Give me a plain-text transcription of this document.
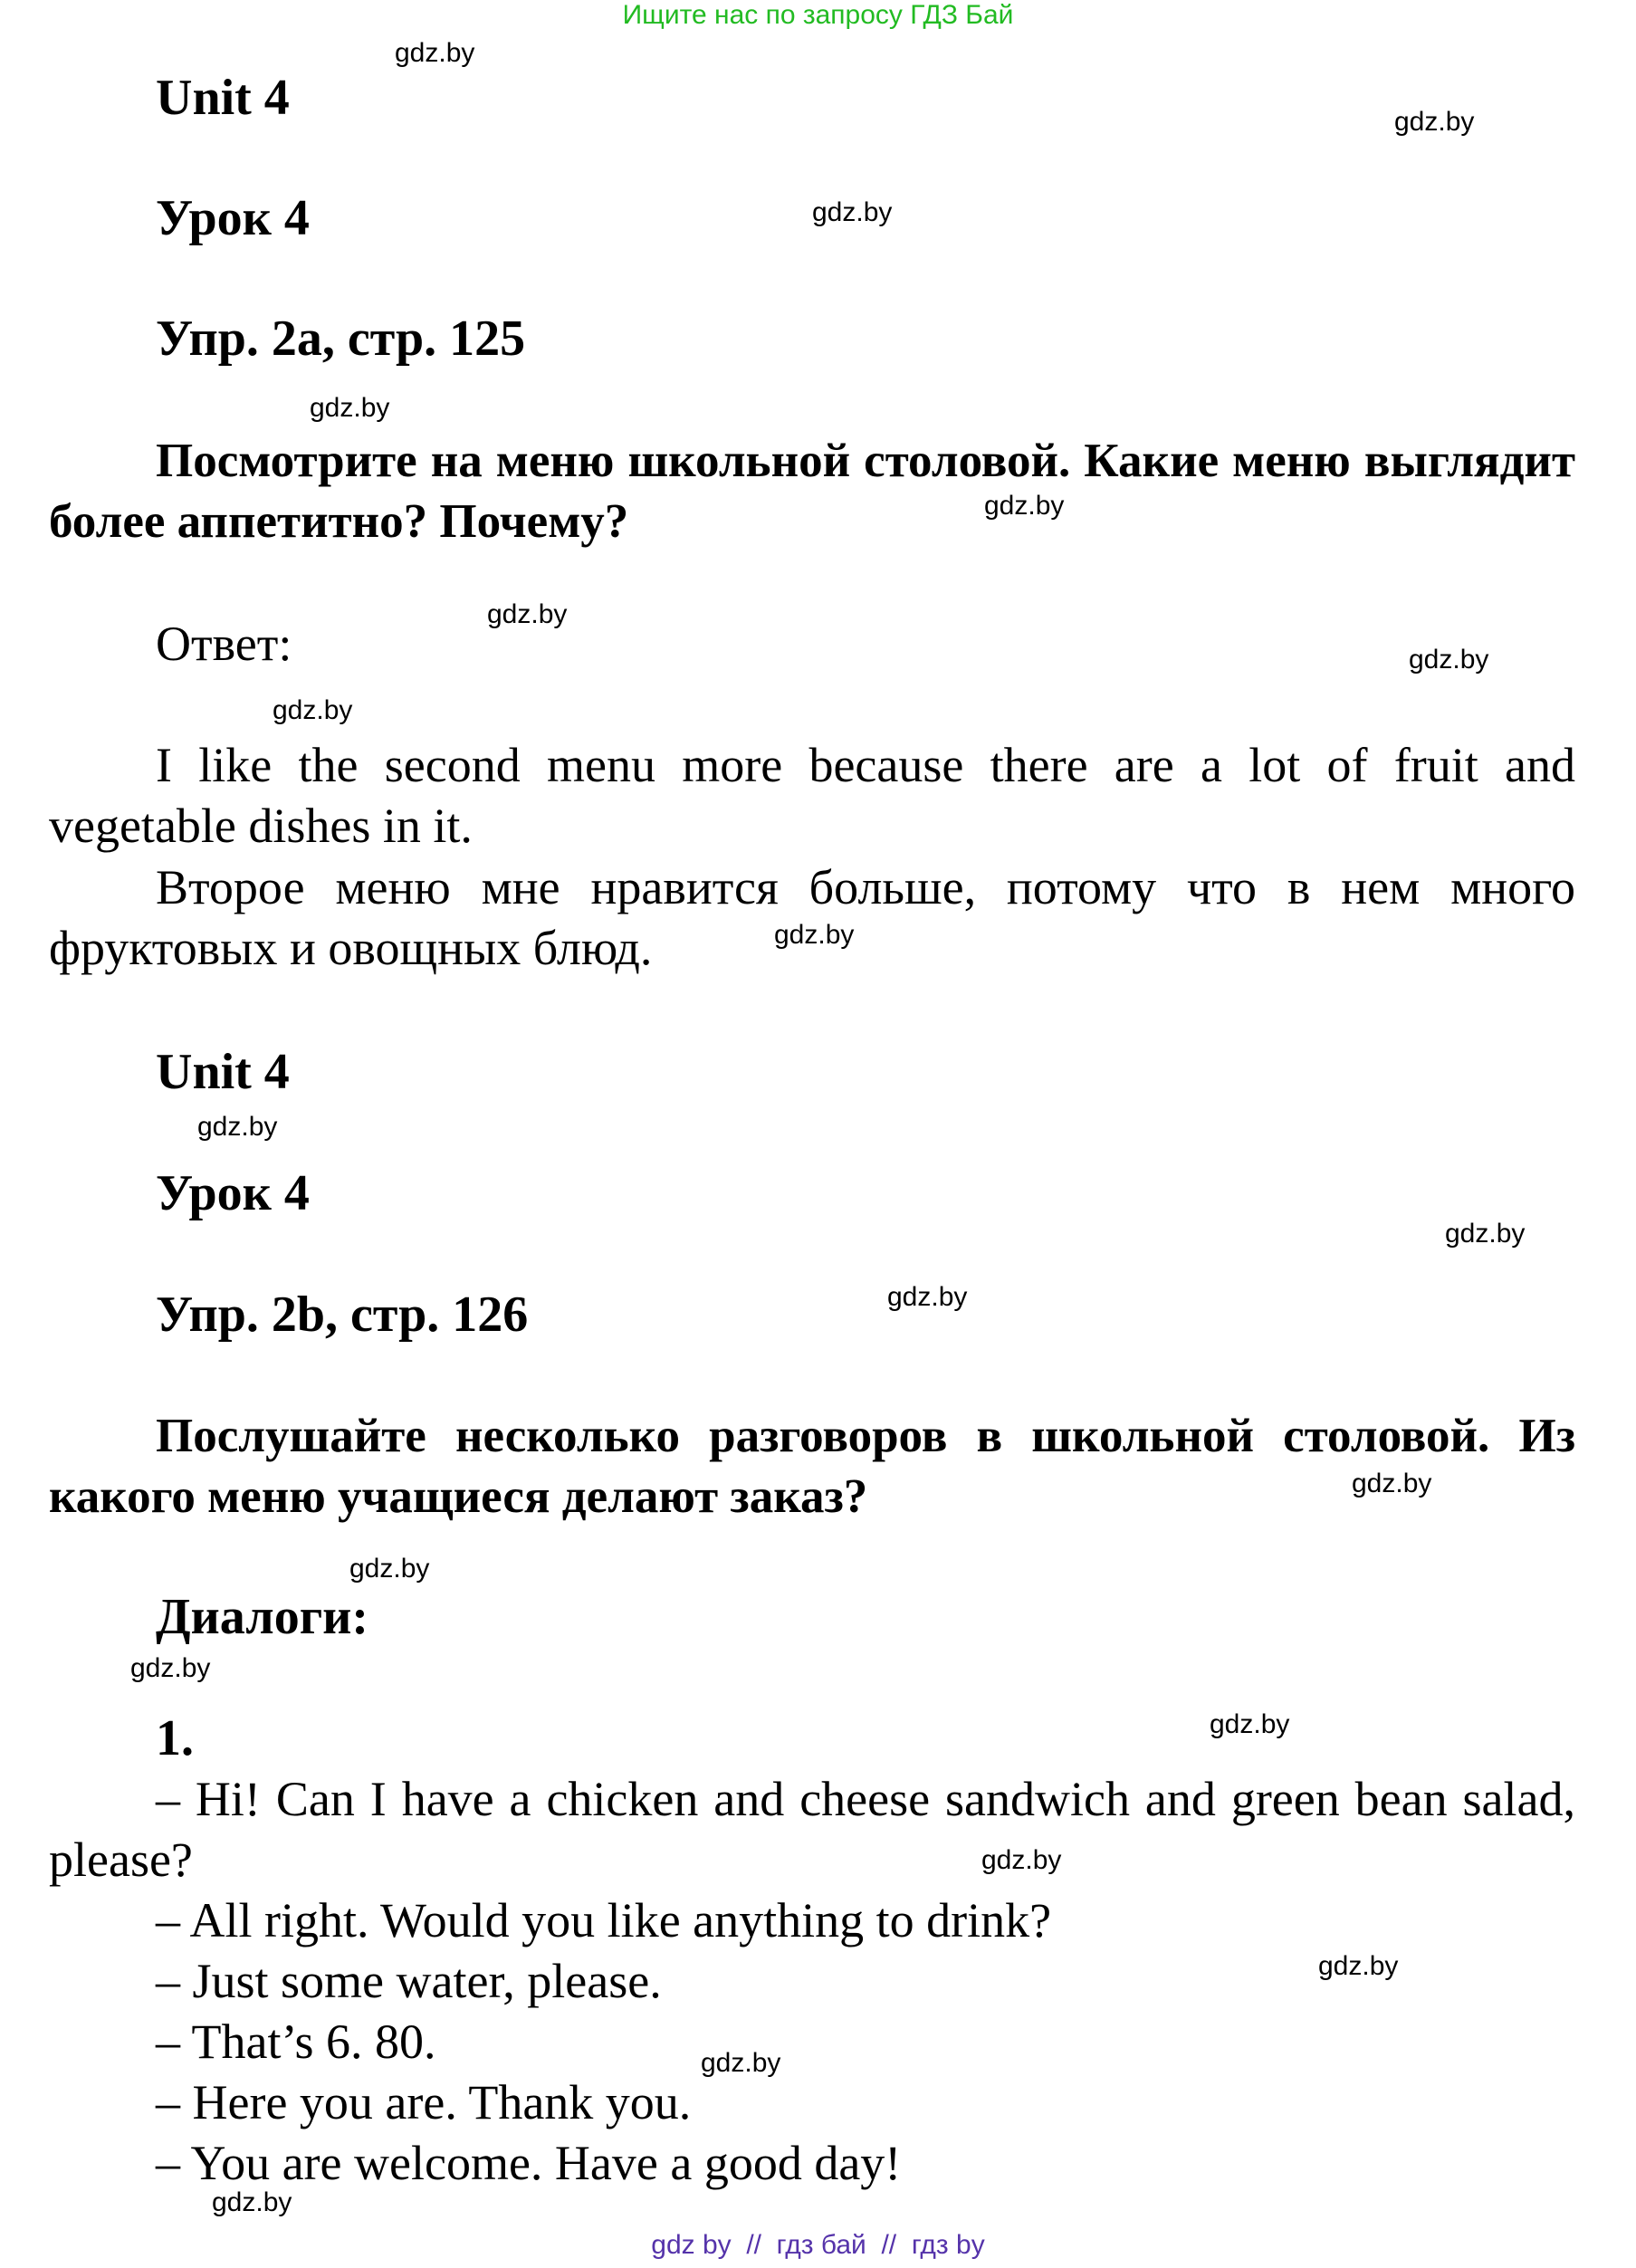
Ищите нас по запросу ГДЗ Бай
Unit 4
Урок 4
Упр. 2a, стр. 125
Посмотрите на меню школьной столовой. Какие меню выглядит более аппетитно? Почему?
Ответ:
I like the second menu more because there are a lot of fruit and vegetable dishes in it.
Второе меню мне нравится больше, потому что в нем много фруктовых и овощных блюд.
Unit 4
Урок 4
Упр. 2b, стр. 126
Послушайте несколько разговоров в школьной столовой. Из какого меню учащиеся делают заказ?
Диалоги:
1.
– Hi! Can I have a chicken and cheese sandwich and green bean salad, please?
– All right. Would you like anything to drink?
– Just some water, please.
– That’s 6. 80.
– Here you are. Thank you.
– You are welcome. Have a good day!
gdz.by
gdz.by
gdz.by
gdz.by
gdz.by
gdz.by
gdz.by
gdz.by
gdz.by
gdz.by
gdz.by
gdz.by
gdz.by
gdz.by
gdz.by
gdz.by
gdz.by
gdz.by
gdz.by
gdz.by
gdz by  //  гдз бай  //  гдз by
